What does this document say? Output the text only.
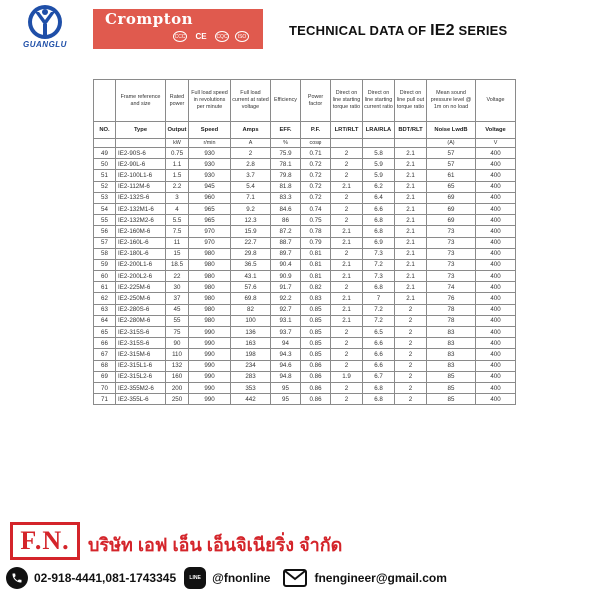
GUANGLU
Crompton
CCC	CE	CQC	ISO	TECHNICAL DATA OF IE2 SERIES
	Frame reference and size	Rated power	Full load speed in revolutions per minute	Full load current at rated voltage	Efficiency	Power factor	Direct on line starting torque ratio	Direct on line starting current ratio	Direct on line pull out torque ratio	Mean sound pressure level @ 1m on no load	Voltage
NO.	Type	Output	Speed	Amps	EFF.	P.F.	LRT/RLT	LRA/RLA	BDT/RLT	Noise LwdB	Voltage
		kW	r/min	A	%	cosφ				(A)	V
49	IE2-90S-6	0.75	930	2	75.9	0.71	2	5.8	2.1	57	400
50	IE2-90L-6	1.1	930	2.8	78.1	0.72	2	5.9	2.1	57	400
51	IE2-100L1-6	1.5	930	3.7	79.8	0.72	2	5.9	2.1	61	400
52	IE2-112M-6	2.2	945	5.4	81.8	0.72	2.1	6.2	2.1	65	400
53	IE2-132S-6	3	960	7.1	83.3	0.72	2	6.4	2.1	69	400
54	IE2-132M1-6	4	965	9.2	84.6	0.74	2	6.6	2.1	69	400
55	IE2-132M2-6	5.5	965	12.3	86	0.75	2	6.8	2.1	69	400
56	IE2-160M-6	7.5	970	15.9	87.2	0.78	2.1	6.8	2.1	73	400
57	IE2-160L-6	11	970	22.7	88.7	0.79	2.1	6.9	2.1	73	400
58	IE2-180L-6	15	980	29.8	89.7	0.81	2	7.3	2.1	73	400
59	IE2-200L1-6	18.5	980	36.5	90.4	0.81	2.1	7.2	2.1	73	400
60	IE2-200L2-6	22	980	43.1	90.9	0.81	2.1	7.3	2.1	73	400
61	IE2-225M-6	30	980	57.6	91.7	0.82	2	6.8	2.1	74	400
62	IE2-250M-6	37	980	69.8	92.2	0.83	2.1	7	2.1	76	400
63	IE2-280S-6	45	980	82	92.7	0.85	2.1	7.2	2	78	400
64	IE2-280M-6	55	980	100	93.1	0.85	2.1	7.2	2	78	400
65	IE2-315S-6	75	990	136	93.7	0.85	2	6.5	2	83	400
66	IE2-315S-6	90	990	163	94	0.85	2	6.6	2	83	400
67	IE2-315M-6	110	990	198	94.3	0.85	2	6.6	2	83	400
68	IE2-315L1-6	132	990	234	94.6	0.86	2	6.6	2	83	400
69	IE2-315L2-6	160	990	283	94.8	0.86	1.9	6.7	2	85	400
70	IE2-355M2-6	200	990	353	95	0.86	2	6.8	2	85	400
71	IE2-355L-6	250	990	442	95	0.86	2	6.8	2	85	400
F.N.	บริษัท เอฟ เอ็น เอ็นจิเนียริ่ง จำกัด
02-918-4441,081-1743345	LINE @fnonline	fnengineer@gmail.com
